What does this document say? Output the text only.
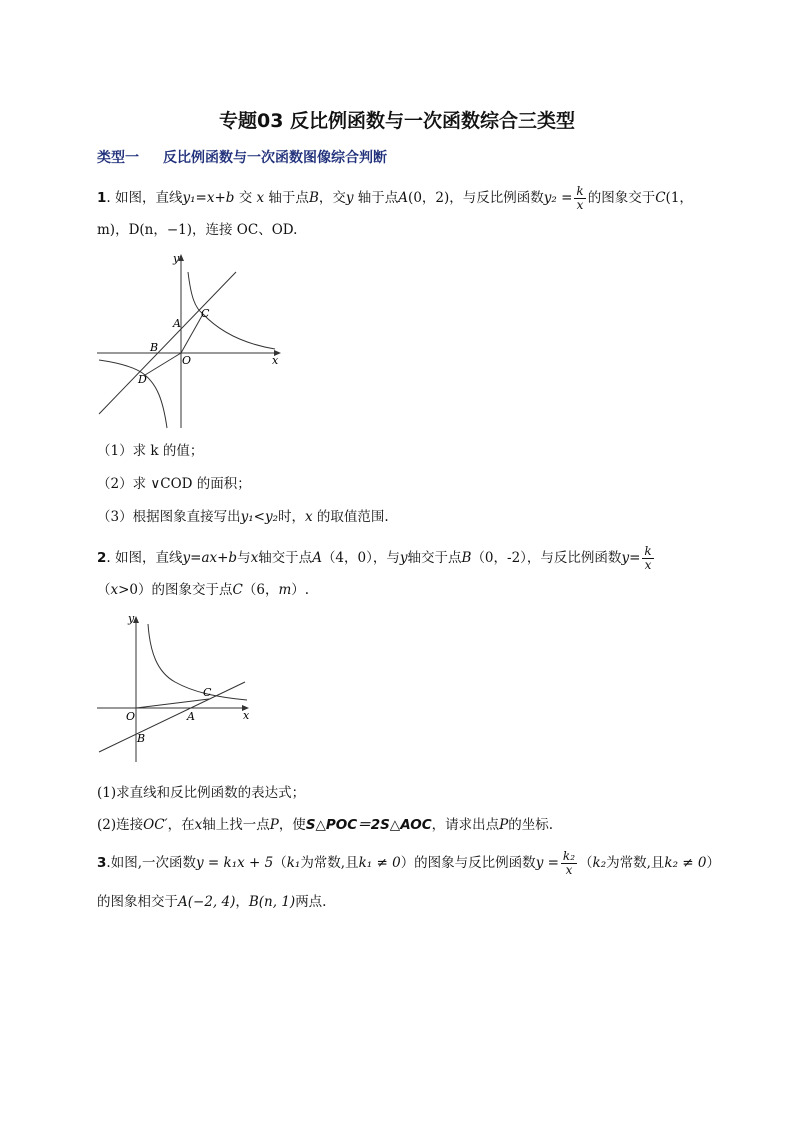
专题03 反比例函数与一次函数综合三类型
类型一 反比例函数与一次函数图像综合判断
1. 如图，直线y₁=x+b 交 x 轴于点B，交y 轴于点A(0，2)，与反比例函数$y_2 = \frac{k}{x}$ 的图象交于C(1，
m)，D(n，−1)，连接 OC、OD.
y
x
A
C
B
O
D
（1）求 k 的值；
（2）求 ∨COD 的面积；
（3）根据图象直接写出y₁<y₂时，x 的取值范围.
2. 如图，直线y=ax+b与x轴交于点A（4，0），与y轴交于点B（0，-2），与反比例函数$y= \frac{k}{x}$
（x>0）的图象交于点C（6，m）.
y
x
O	A
C
B
(1)求直线和反比例函数的表达式；
(2)连接OC′，在x轴上找一点P，使S△POC＝2S△AOC，请求出点P的坐标.
3.如图,一次函数y = k₁x + 5（k₁为常数,且k₁ ≠ 0）的图象与反比例函数$y = \frac{\text{k₂}}{x} (k_2$为常数,且k₂ ≠ 0）
的图象相交于A(−2, 4)，B(n, 1)两点.
